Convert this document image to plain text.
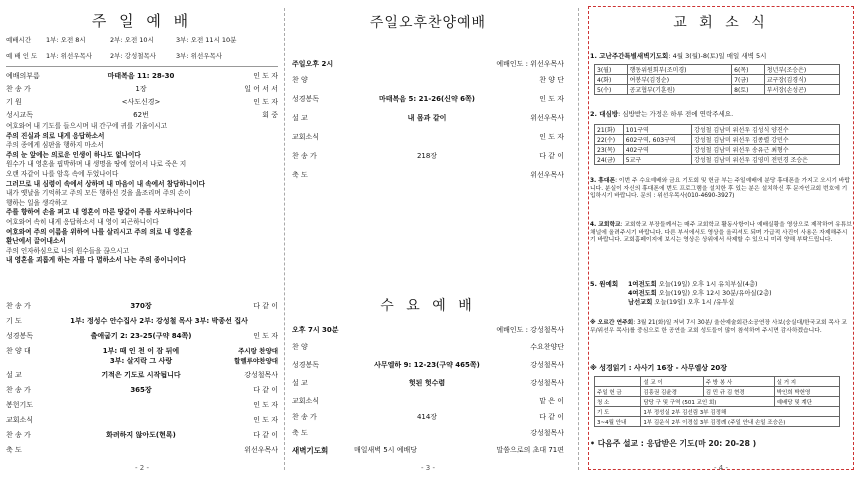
주 일 예 배
예배시간 1부: 오전 8시	2부: 오전 10시	3부: 오전 11시 10분
예 배 인 도 1부: 위선우목사	2부: 강성철목사	3부: 위선우목사
예배의부름	마태복음 11: 28-30	인 도 자
찬 송 가	1장	일 어 서 서
기 원	<사도신경>	인 도 자
성시교독	62번	회 중
여호와여 내 기도를 들으시며 내 간구에 귀를 기울이시고
주의 진실과 의로 내게 응답하소서
주의 종에게 심판을 행하지 마소서
주의 눈 앞에는 의로운 인생이 하나도 없나이다
원수가 내 영혼을 핍박하며 내 생명을 땅에 엎어서 나로 죽은 지
오랜 자같이 나를 암흑 속에 두었나이다
그러므로 내 심령이 속에서 상하며 내 마음이 내 속에서 참담하니이다
내가 옛날을 기억하고 주의 모든 행하신 것을 읊조리며 주의 손이
행하는 일을 생각하고
주를 향하여 손을 펴고 내 영혼이 마른 땅같이 주를 사모하나이다
여호와여 속히 내게 응답하소서 내 영이 피곤하니이다
여호와여 주의 이름을 위하여 나를 살리시고 주의 의로 내 영혼을
환난에서 끌어내소서
주의 인자하심으로 나의 원수들을 끊으시고
내 영혼을 괴롭게 하는 자를 다 멸하소서 나는 주의 종이니이다
찬 송 가	370장	다 같 이
기 도	1부: 정성수 안수집사 2부: 강성철 목사 3부: 박종선 집사
성경봉독	출애굽기 2: 23-25(구약 84쪽)	인 도 자
찬 양 대	1부: 때 인 천 이 잠 뒤에	주시랑 찬양대
3부: 살지락 그 사랑	할렐루야찬양대
설 교	기적은 기도로 시작됩니다	강성철목사
찬 송 가	365장	다 같 이
봉헌기도	인 도 자
교회소식	인 도 자
찬 송 가	화려하지 않아도(현록)	다 같 이
축 도	위선우목사
- 2 -
주일오후찬양예배
주일오후 2시	예배인도 : 위선우목사
찬 양	찬 양 단
성경봉독	마태복음 5: 21-26(신약 6쪽)	인 도 자
설 교	내 몸과 같이	위선우목사
교회소식	인 도 자
찬 송 가	218장	다 같 이
축 도	위선우목사
수 요 예 배
오후 7시 30분	예배인도 : 강성철목사
찬 양	수요찬양단
성경봉독	사무엘하 9: 12-23(구약 465쪽)	강성철목사
설 교	헛된 헛수렴	강성철목사
교회소식	맡 은 이
찬 송 가	414장	다 같 이
축 도	강성철목사
새벽기도회	매일새벽 5시 예배당	말씀으로의 초대 71편
- 3 -
교 회 소 식
1. 고난주간특별새벽기도회: 4월 3(월)-8(토)일 매일 새벽 5시
3(월)	행동위원회부(조미경)	6(목)	청년부(조승은)
4(화)	여봉부(김정순)	7(금)	교구장(김경식)
5(수)	공교협부(기훈원)	8(토)	부서장(손성곤)
2. 대심방: 심방받는 가정은 하루 전에 연락주세요.
21(화)	101구역	강성철 김남미 위선우 김성식 양진수
22(수)	602구역, 603구역	강성철 김남미 위선우 김종렬 강민수
23(목)	402구역	강성철 김남미 위선우 송유근 최형수
24(금)	5교구	강성철 김남미 위선우 김영미 전민경 조승은
3. 휴대폰: 이번 주 수요예배와 금요 기도회 및 헌금 부는 주일예배에 분당 휴대폰을 가지고 오시기 바랍니다. 분실이 자신의 휴대폰에 번도 프로그램을 설치한 후 있는 분은 설치하신 후 문자인교회 번호에 기입하시기 바랍니다. 문의 : 위선우목사(010-4690-3927)
4. 교회학교: 교회학교 부장들께서는 매주 교회학교 활동사항이나 예배실황을 영상으로 제작하여 유튜브 채널에 올려주시기 바랍니다. 다른 부서에서도 영상을 올리셔도 되며 가급적 사진이 사용은 자제해주시기 바랍니다. 교회홈페이지에 보시는 영상은 상위에서 삭제할 수 있으니 미리 양해 부탁드립니다.
5. 원예회	1여전도회 오늘(19일) 오후 1시 유치부실(4층)
4여전도회 오늘(19일) 오후 12시 30분/유아실(2층)
남선교회 오늘(19일) 오후 1시 /유투실
※ 오르간 연주회: 3월 21(화)일 저녁 7시 30분/ 울산예술회관소공연장 사보(숭실대/한국교회 목사 교무/위선우 목사)를 중심으로 한 공연을 교회 성도들이 많이 참석하여 주시면 감사하겠습니다.
※ 성경읽기 : 사사기 16장 - 사무엘상 20장
	설 교 이	주 방 봉 사	실 거 지
주일 헌 금	김흥권 김윤경	김 민 규 김 현경	박인희 박헌영
청 소	담당 구 및 구역 (501 교인 회)		예배당 및 계단
기 도	1부 정성실 2부 김선림 3부 김정해		
3~4월 안내	1부 김운식 2부 이경섭 3부 김정례 (주일 안내 손일 조승은)		
• 다음주 설교 : 응답받은 기도(마 20: 20-28 )
- 4 -
